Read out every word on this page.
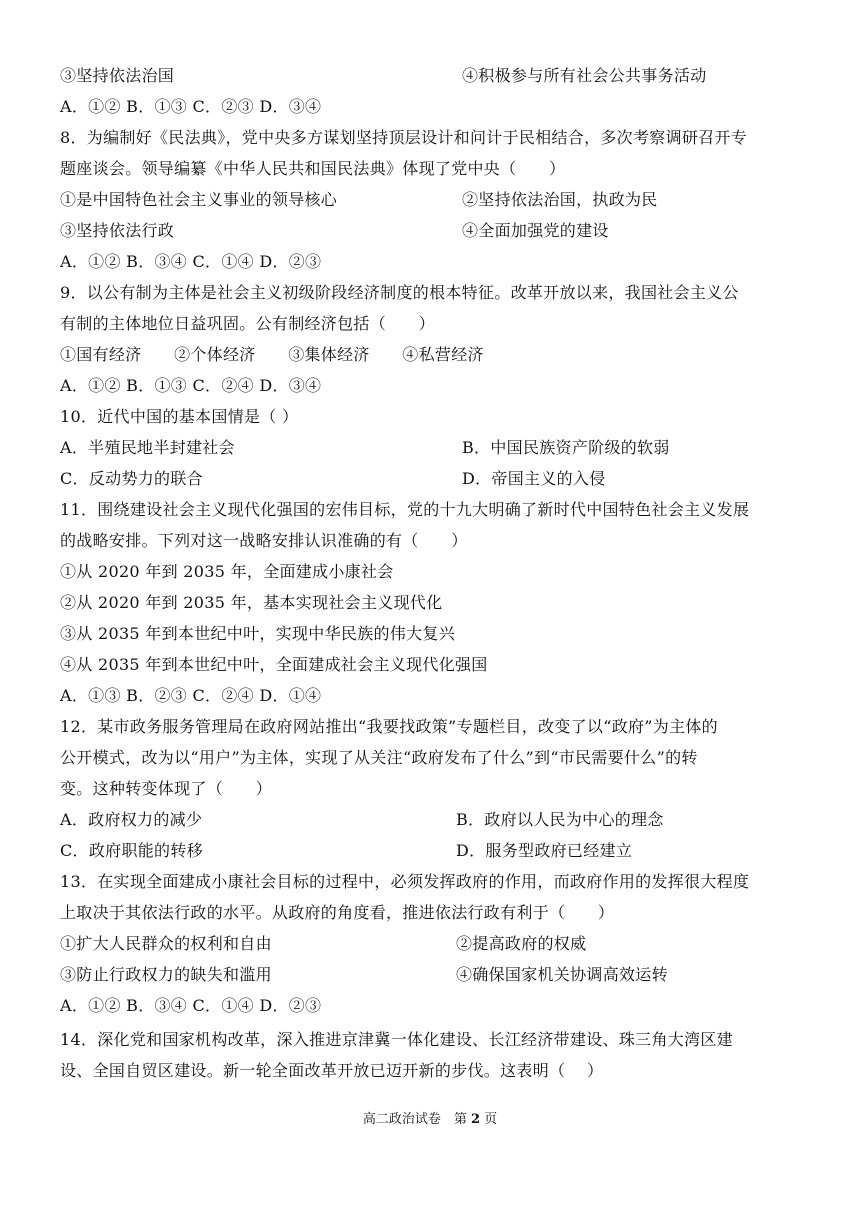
③坚持依法治国	④积极参与所有社会公共事务活动
A．①② B．①③ C．②③ D．③④
8．为编制好《民法典》，党中央多方谋划坚持顶层设计和问计于民相结合，多次考察调研召开专
题座谈会。领导编纂《中华人民共和国民法典》体现了党中央（　　）
①是中国特色社会主义事业的领导核心	②坚持依法治国，执政为民
③坚持依法行政	④全面加强党的建设
A．①② B．③④ C．①④ D．②③
9．以公有制为主体是社会主义初级阶段经济制度的根本特征。改革开放以来，我国社会主义公
有制的主体地位日益巩固。公有制经济包括（　　）
①国有经济　　②个体经济　　③集体经济　　④私营经济
A．①② B．①③ C．②④ D．③④
10．近代中国的基本国情是（ ）
A．半殖民地半封建社会	B．中国民族资产阶级的软弱
C．反动势力的联合	D．帝国主义的入侵
11．围绕建设社会主义现代化强国的宏伟目标，党的十九大明确了新时代中国特色社会主义发展
的战略安排。下列对这一战略安排认识准确的有（　　）
①从 2020 年到 2035 年，全面建成小康社会
②从 2020 年到 2035 年，基本实现社会主义现代化
③从 2035 年到本世纪中叶，实现中华民族的伟大复兴
④从 2035 年到本世纪中叶，全面建成社会主义现代化强国
A．①③ B．②③ C．②④ D．①④
12．某市政务服务管理局在政府网站推出“我要找政策”专题栏目，改变了以“政府”为主体的
公开模式，改为以“用户”为主体，实现了从关注“政府发布了什么”到“市民需要什么”的转
变。这种转变体现了（　　）
A．政府权力的减少	B．政府以人民为中心的理念
C．政府职能的转移	D．服务型政府已经建立
13．在实现全面建成小康社会目标的过程中，必须发挥政府的作用，而政府作用的发挥很大程度
上取决于其依法行政的水平。从政府的角度看，推进依法行政有利于（　　）
①扩大人民群众的权利和自由	②提高政府的权威
③防止行政权力的缺失和滥用	④确保国家机关协调高效运转
A．①② B．③④ C．①④ D．②③
14．深化党和国家机构改革，深入推进京津冀一体化建设、长江经济带建设、珠三角大湾区建
设、全国自贸区建设。新一轮全面改革开放已迈开新的步伐。这表明（　 ）
高二政治试卷　第 2 页
